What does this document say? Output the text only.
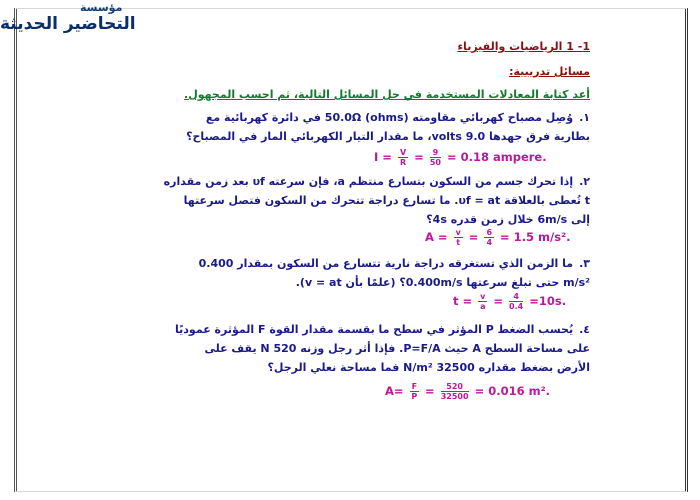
مؤسسة
التحاضير الحديثة
1- 1 الرياضيات والفيزياء
مسائل تدريبية:
أعد كتابة المعادلات المستخدمة في حل المسائل التالية، ثم احسب المجهول.
١.وُصِل مصباح كهربائي مقاومته (ohms) 50.0Ω في دائرة كهربائية مع
بطارية فرق جهدها 9.0 volts، ما مقدار التيار الكهربائي المار في المصباح؟
$I = \frac{V}{R} = \frac{9}{50} = 0.18$ ampere.
٢.إذا تحرك جسم من السكون بتسارع منتظم a، فإن سرعته υf بعد زمن مقداره
t تُعطى بالعلاقة υf = at. ما تسارع دراجة تتحرك من السكون فتصل سرعتها
إلى 6m/s خلال زمن قدره 4s؟
$A = \frac{v}{t} = \frac{6}{4} = 1.5$ m/s².
٣.ما الزمن الذي تستغرقه دراجة نارية تتسارع من السكون بمقدار 0.400
m/s² حتى تبلغ سرعتها 0.400m/s؟ (علمًا بأن v = at).
$t = \frac{v}{a} = \frac{4}{0.4} =10s$.
٤.يُحسب الضغط P المؤثر في سطح ما بقسمة مقدار القوة F المؤثرة عموديًا
على مساحة السطح A حيث P=F/A. فإذا أثر رجل وزنه 520 N يقف على
الأرض بضغط مقداره 32500 N/m² فما مساحة نعلي الرجل؟
$A= \frac{F}{P} = \frac{520}{32500} = 0.016$ m².
